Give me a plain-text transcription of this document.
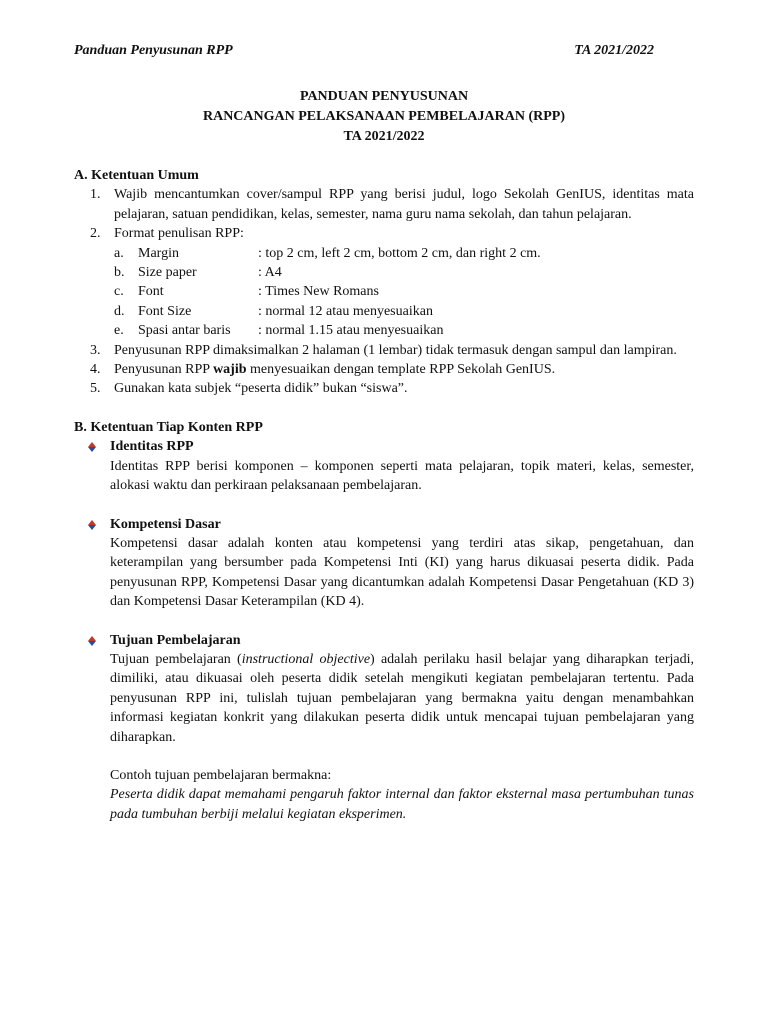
Panduan Penyusunan RPP	TA 2021/2022
PANDUAN PENYUSUNAN
RANCANGAN PELAKSANAAN PEMBELAJARAN (RPP)
TA 2021/2022

A. Ketentuan Umum

1. Wajib mencantumkan cover/sampul RPP yang berisi judul, logo Sekolah GenIUS, identitas mata pelajaran, satuan pendidikan, kelas, semester, nama guru nama sekolah, dan tahun pelajaran.
2. Format penulisan RPP:
a. Margin	: top 2 cm, left 2 cm, bottom 2 cm, dan right 2 cm.
b. Size paper	: A4
c. Font	: Times New Romans
d. Font Size	: normal 12 atau menyesuaikan
e. Spasi antar baris	: normal 1.15 atau menyesuaikan
3. Penyusunan RPP dimaksimalkan 2 halaman (1 lembar) tidak termasuk dengan sampul dan lampiran.
4. Penyusunan RPP wajib menyesuaikan dengan template RPP Sekolah GenIUS.
5. Gunakan kata subjek “peserta didik” bukan “siswa”.

B. Ketentuan Tiap Konten RPP

Identitas RPP
Identitas RPP berisi komponen – komponen seperti mata pelajaran, topik materi, kelas, semester, alokasi waktu dan perkiraan pelaksanaan pembelajaran.
Kompetensi Dasar
Kompetensi dasar adalah konten atau kompetensi yang terdiri atas sikap, pengetahuan, dan keterampilan yang bersumber pada Kompetensi Inti (KI) yang harus dikuasai peserta didik. Pada penyusunan RPP, Kompetensi Dasar yang dicantumkan adalah Kompetensi Dasar Pengetahuan (KD 3) dan Kompetensi Dasar Keterampilan (KD 4).
Tujuan Pembelajaran
Tujuan pembelajaran (instructional objective) adalah perilaku hasil belajar yang diharapkan terjadi, dimiliki, atau dikuasai oleh peserta didik setelah mengikuti kegiatan pembelajaran tertentu. Pada penyusunan RPP ini, tulislah tujuan pembelajaran yang bermakna yaitu dengan menambahkan informasi kegiatan konkrit yang dilakukan peserta didik untuk mencapai tujuan pembelajaran yang diharapkan.
Contoh tujuan pembelajaran bermakna:
Peserta didik dapat memahami pengaruh faktor internal dan faktor eksternal masa pertumbuhan tunas pada tumbuhan berbiji melalui kegiatan eksperimen.
